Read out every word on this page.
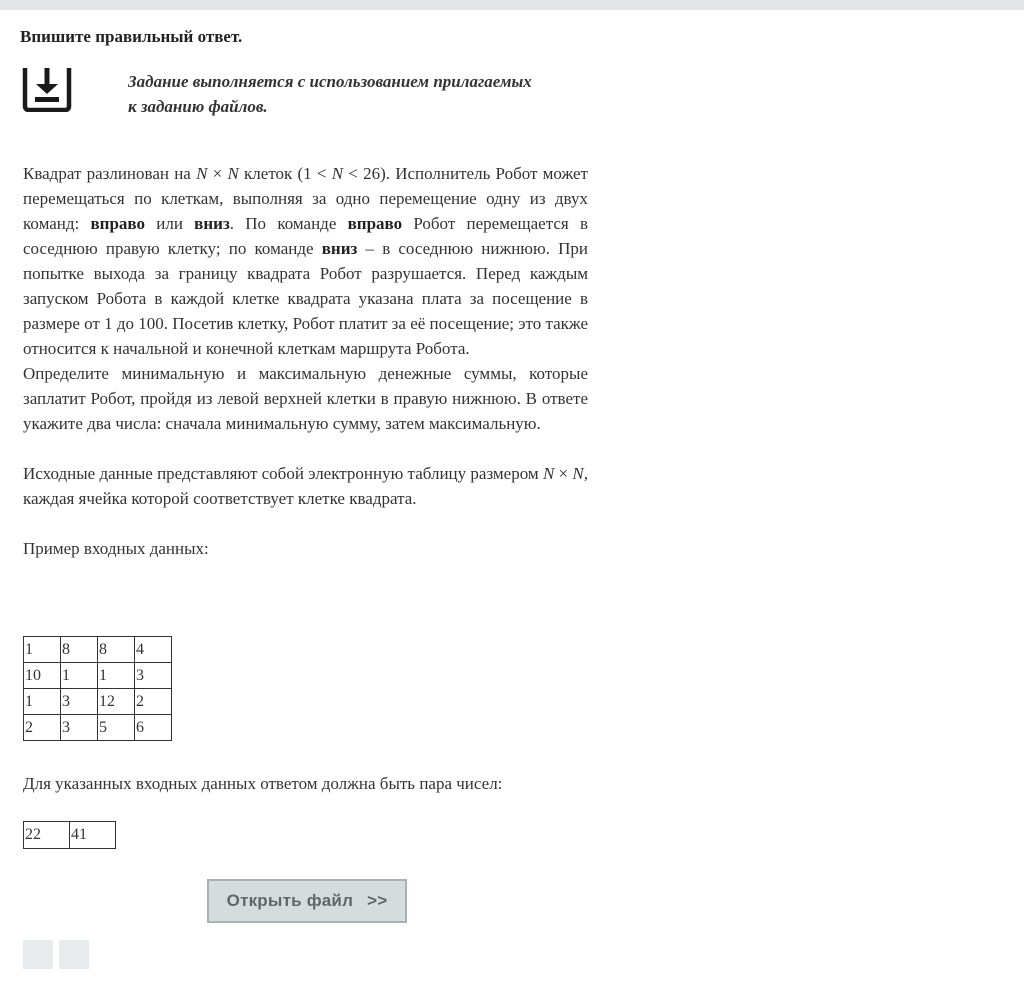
Впишите правильный ответ.
Задание выполняется с использованием прилагаемых
к заданию файлов.

Квадрат разлинован на N × N клеток (1 < N < 26). Исполнитель Робот может перемещаться по клеткам, выполняя за одно перемещение одну из двух команд: вправо или вниз. По команде вправо Робот перемещается в соседнюю правую клетку; по команде вниз – в соседнюю нижнюю. При попытке выхода за границу квадрата Робот разрушается. Перед каждым запуском Робота в каждой клетке квадрата указана плата за посещение в размере от 1 до 100. Посетив клетку, Робот платит за её посещение; это также относится к начальной и конечной клеткам маршрута Робота.

Определите минимальную и максимальную денежные суммы, которые заплатит Робот, пройдя из левой верхней клетки в правую нижнюю. В ответе укажите два числа: сначала минимальную сумму, затем максимальную.

Исходные данные представляют собой электронную таблицу размером N × N, каждая ячейка которой соответствует клетке квадрата.

Пример входных данных:

1	8	8	4
10	1	1	3
1	3	12	2
2	3	5	6

Для указанных входных данных ответом должна быть пара чисел:

22	41
Открыть файл >>
